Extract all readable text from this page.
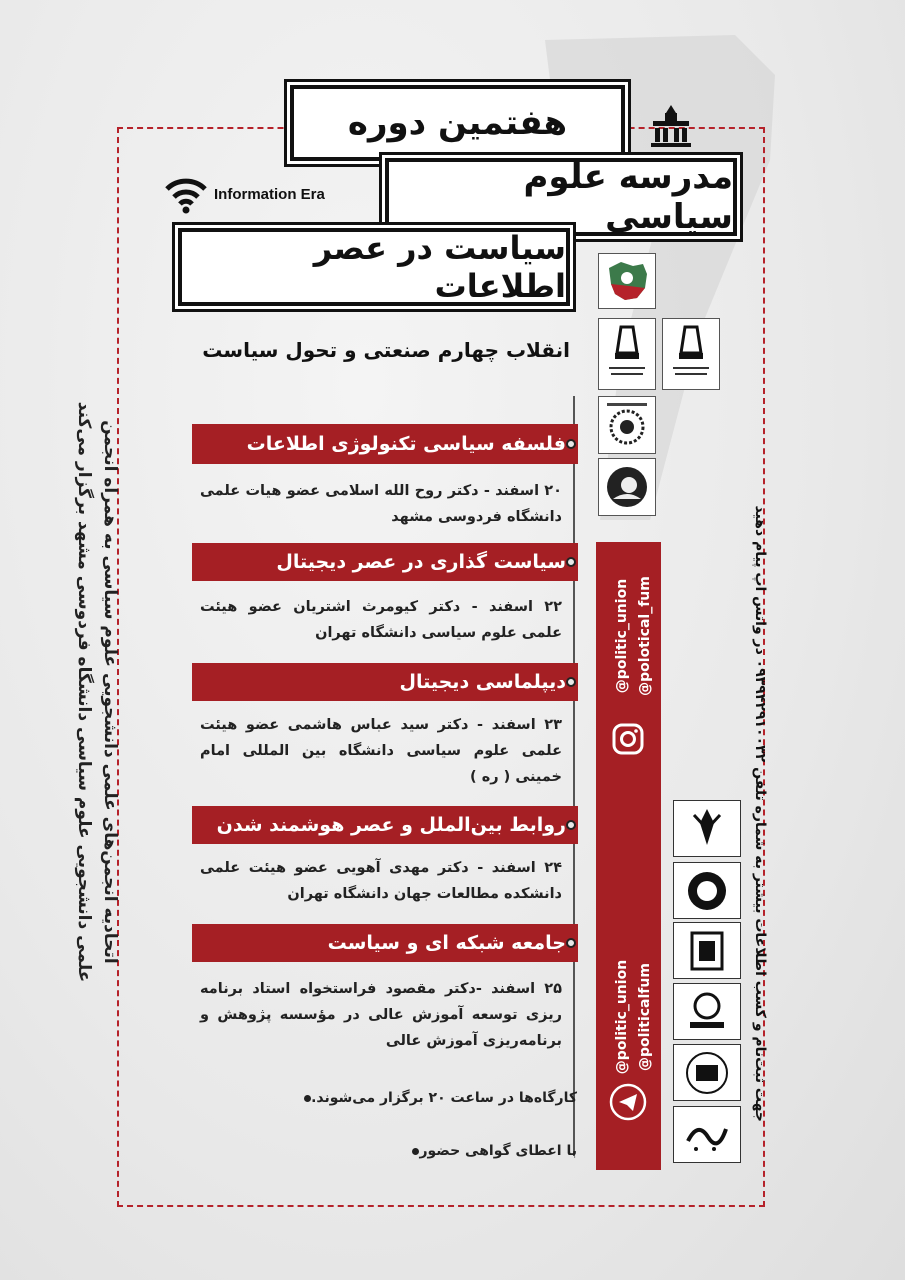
هفتمین دوره
مدرسه علوم سیاسی
سیاست در عصر اطلاعات
Information Era
انقلاب چهارم صنعتی و تحول سیاست
فلسفه سیاسی تکنولوژی اطلاعات
۲۰ اسفند - دکتر روح الله اسلامی عضو هیات علمی دانشگاه فردوسی مشهد
سیاست گذاری در عصر دیجیتال
۲۲ اسفند - دکتر کیومرث اشتریان عضو هیئت علمی علوم سیاسی دانشگاه تهران
دیپلماسی دیجیتال
۲۳ اسفند - دکتر سید عباس هاشمی عضو هیئت علمی علوم سیاسی دانشگاه بین المللی امام خمینی ( ره )
روابط بین‌الملل و عصر هوشمند شدن
۲۴ اسفند - دکتر مهدی آهویی عضو هیئت علمی دانشکده مطالعات جهان دانشگاه تهران
جامعه شبکه ای و سیاست
۲۵ اسفند -دکتر مقصود فراستخواه استاد برنامه ریزی توسعه آموزش عالی در مؤسسه پژوهش و برنامه‌ریزی آموزش عالی
کارگاه‌ها در ساعت ۲۰ برگزار می‌شوند.
با اعطای گواهی حضور
@politic_union @polotical_fum
@politic_union @politicalfum
اتحادیه انجمن‌های علمی دانشجویی علوم سیاسی به همراه انجمن
علمی دانشجویی علوم سیاسی دانشگاه فردوسی مشهد برگزار می‌کند	جهت ثبت‌نام و کسب اطلاعات بیشتر به شماره تلفن ۰۹۳۹۴۲۹۱۰۰۳۲ در واتس اپ پیام دهید
